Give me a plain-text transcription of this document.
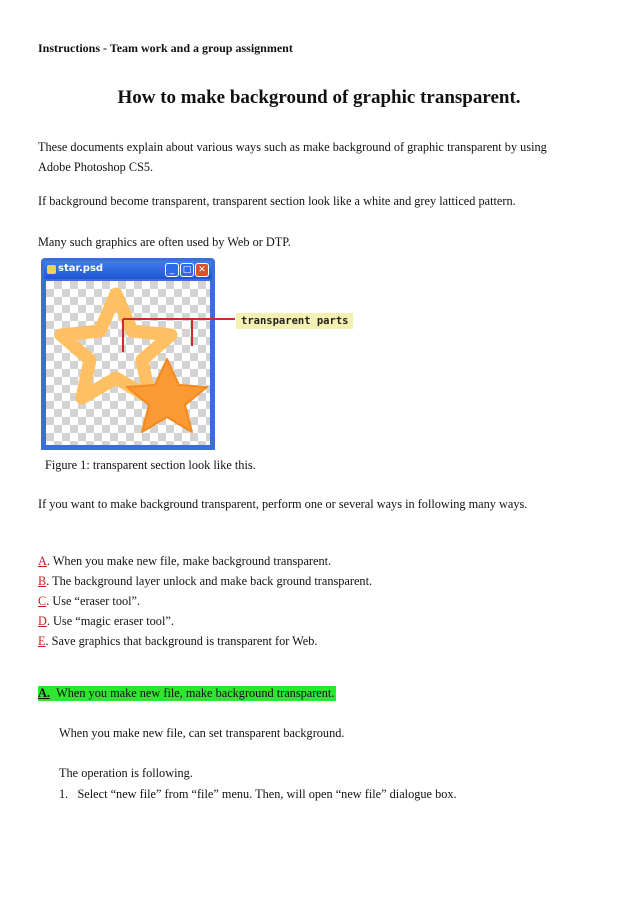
Instructions - Team work and a group assignment
How to make background of graphic transparent.
These documents explain about various ways such as make background of graphic transparent by using
Adobe Photoshop CS5.
If background become transparent, transparent section look like a white and grey latticed pattern.
Many such graphics are often used by Web or DTP.
star.psd	_ □ ✕
transparent parts
Figure 1: transparent section look like this.
If you want to make background transparent, perform one or several ways in following many ways.
A. When you make new file, make background transparent.
B. The background layer unlock and make back ground transparent.
C. Use “eraser tool”.
D. Use “magic eraser tool”.
E. Save graphics that background is transparent for Web.
A. When you make new file, make background transparent.
When you make new file, can set transparent background.
The operation is following.
1. Select “new file” from “file” menu. Then, will open “new file” dialogue box.
